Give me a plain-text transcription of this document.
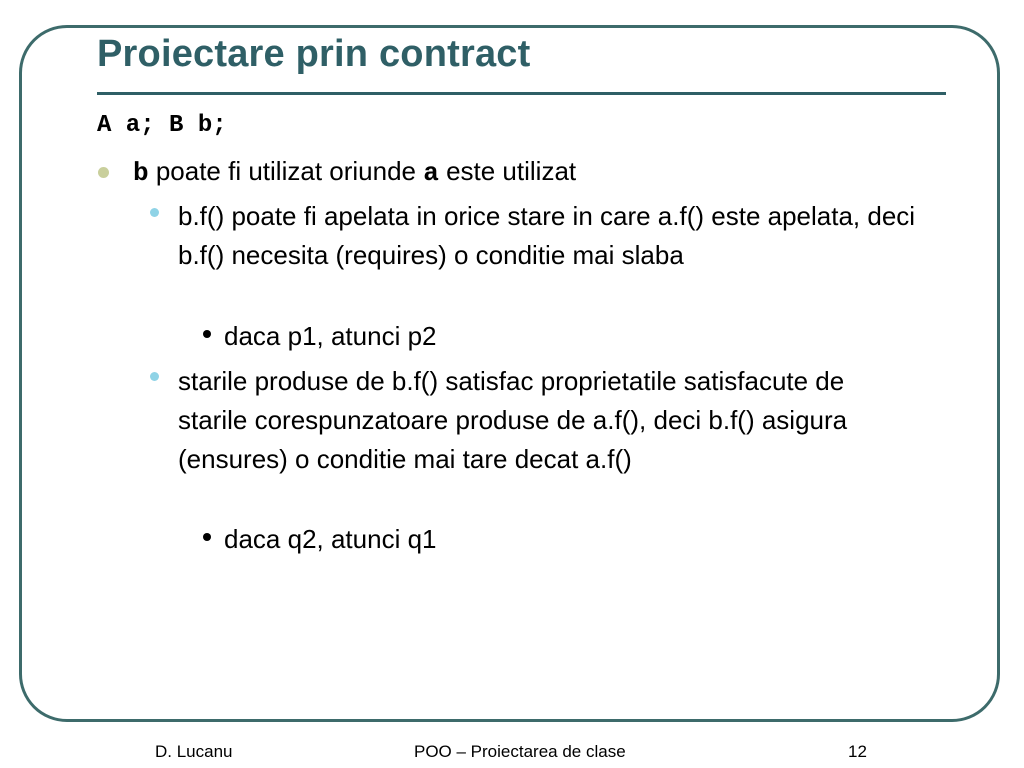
Proiectare prin contract
A a; B b;
b poate fi utilizat oriunde a este utilizat
b.f() poate fi apelata in orice stare in care a.f() este apelata, deci b.f() necesita (requires) o conditie mai slaba
daca p1, atunci p2
starile produse de b.f() satisfac proprietatile satisfacute de starile corespunzatoare produse de a.f(), deci b.f() asigura (ensures) o conditie mai tare decat a.f()
daca q2, atunci q1
D. Lucanu	POO – Proiectarea de clase	12
